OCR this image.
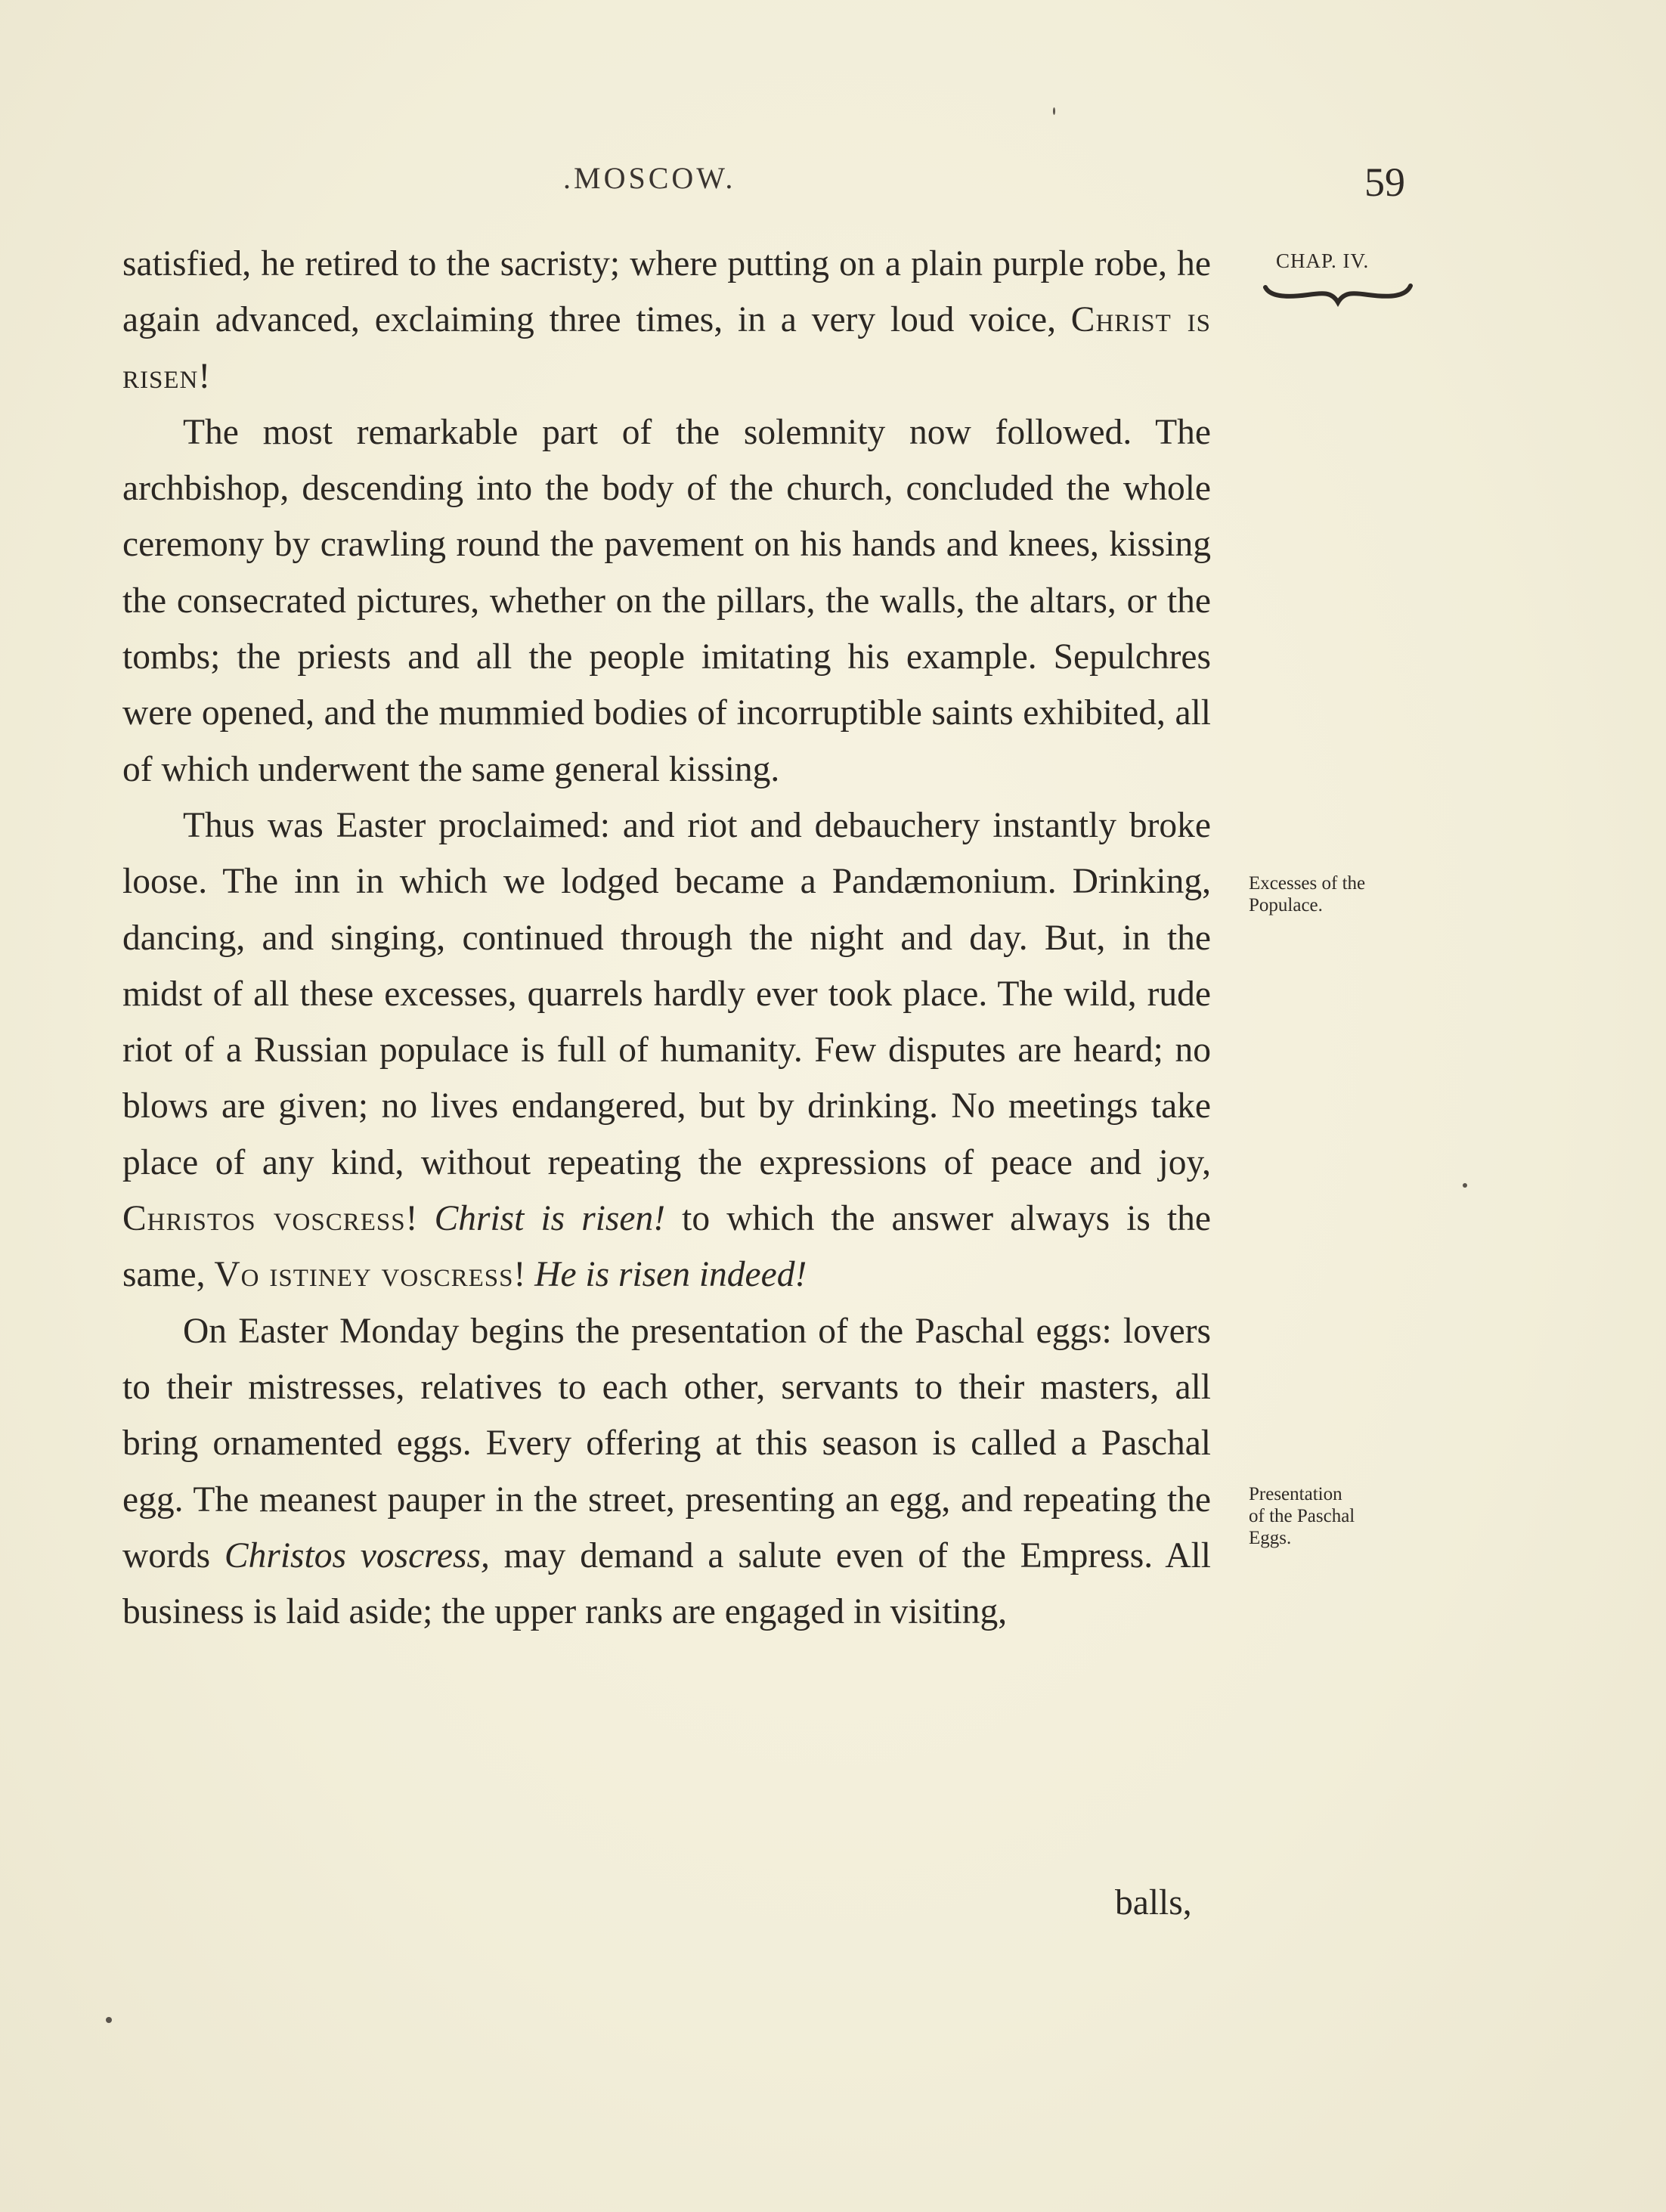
.MOSCOW.	59
CHAP. IV.
Excesses of the
Populace.
Presentation
of the Paschal
Eggs.

satisfied, he retired to the sacristy; where putting on a plain purple robe, he again advanced, exclaiming three times, in a very loud voice, Christ is risen!

The most remarkable part of the solemnity now followed. The archbishop, descending into the body of the church, concluded the whole ceremony by crawling round the pavement on his hands and knees, kissing the consecrated pictures, whether on the pillars, the walls, the altars, or the tombs; the priests and all the people imitating his example. Sepulchres were opened, and the mummied bodies of incorruptible saints exhibited, all of which underwent the same general kissing.

Thus was Easter proclaimed: and riot and debauchery instantly broke loose. The inn in which we lodged became a Pandæmonium. Drinking, dancing, and singing, continued through the night and day. But, in the midst of all these excesses, quarrels hardly ever took place. The wild, rude riot of a Russian populace is full of humanity. Few disputes are heard; no blows are given; no lives endangered, but by drinking. No meetings take place of any kind, without repeating the expressions of peace and joy, Christos voscress! Christ is risen! to which the answer always is the same, Vo istiney voscress! He is risen indeed!

On Easter Monday begins the presentation of the Paschal eggs: lovers to their mistresses, relatives to each other, servants to their masters, all bring ornamented eggs. Every offering at this season is called a Paschal egg. The meanest pauper in the street, presenting an egg, and repeating the words Christos voscress, may demand a salute even of the Empress. All business is laid aside; the upper ranks are engaged in visiting,

balls,
